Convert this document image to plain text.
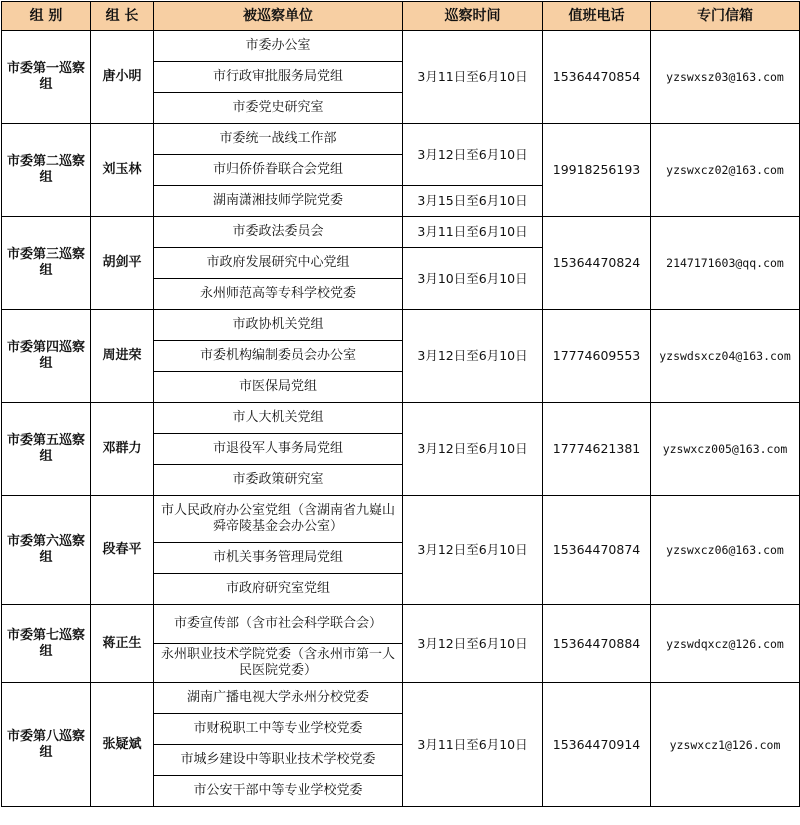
组 别	组 长	被巡察单位	巡察时间	值班电话	专门信箱
市委第一巡察组	唐小明	市委办公室	3月11日至6月10日	15364470854	yzswxsz03@163.com
		市行政审批服务局党组			
		市委党史研究室			
市委第二巡察组	刘玉林	市委统一战线工作部	3月12日至6月10日	19918256193	yzswxcz02@163.com
		市归侨侨眷联合会党组			
		湖南潇湘技师学院党委	3月15日至6月10日		
市委第三巡察组	胡剑平	市委政法委员会	3月11日至6月10日	15364470824	2147171603@qq.com
		市政府发展研究中心党组	3月10日至6月10日		
		永州师范高等专科学校党委			
市委第四巡察组	周进荣	市政协机关党组	3月12日至6月10日	17774609553	yzswdsxcz04@163.com
		市委机构编制委员会办公室			
		市医保局党组			
市委第五巡察组	邓群力	市人大机关党组	3月12日至6月10日	17774621381	yzswxcz005@163.com
		市退役军人事务局党组			
		市委政策研究室			
市委第六巡察组	段春平	市人民政府办公室党组（含湖南省九嶷山舜帝陵基金会办公室）	3月12日至6月10日	15364470874	yzswxcz06@163.com
		市机关事务管理局党组			
		市政府研究室党组			
市委第七巡察组	蒋正生	市委宣传部（含市社会科学联合会）	3月12日至6月10日	15364470884	yzswdqxcz@126.com
		永州职业技术学院党委（含永州市第一人民医院党委）			
市委第八巡察组	张疑斌	湖南广播电视大学永州分校党委	3月11日至6月10日	15364470914	yzswxcz1@126.com
		市财税职工中等专业学校党委			
		市城乡建设中等职业技术学校党委			
		市公安干部中等专业学校党委			
